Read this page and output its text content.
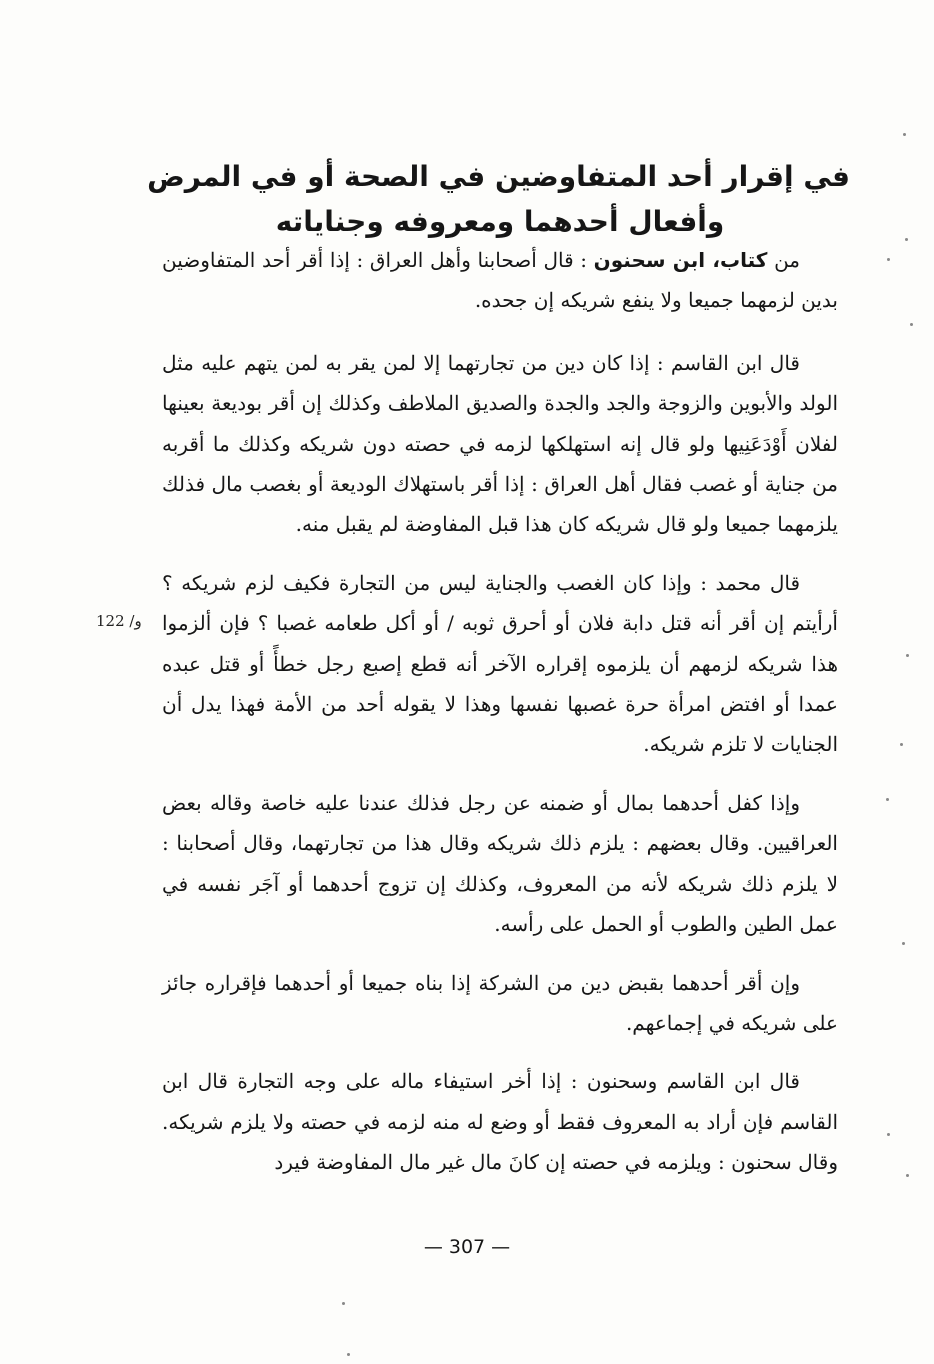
في إقرار أحد المتفاوضين في الصحة أو في المرض
وأفعال أحدهما ومعروفه وجناياته

من كتاب، ابن سحنون : قال أصحابنا وأهل العراق : إذا أقر أحد المتفاوضين بدين لزمهما جميعا ولا ينفع شريكه إن جحده.

قال ابن القاسم : إذا كان دين من تجارتهما إلا لمن يقر به لمن يتهم عليه مثل الولد والأبوين والزوجة والجد والجدة والصديق الملاطف وكذلك إن أقر بوديعة بعينها لفلان أَوْدَعَنِيها ولو قال إنه استهلكها لزمه في حصته دون شريكه وكذلك ما أقربه من جناية أو غصب فقال أهل العراق : إذا أقر باستهلاك الوديعة أو بغصب مال فذلك يلزمهما جميعا ولو قال شريكه كان هذا قبل المفاوضة لم يقبل منه.

قال محمد : وإذا كان الغصب والجناية ليس من التجارة فكيف لزم شريكه ؟ أرأيتم إن أقر أنه قتل دابة فلان أو أحرق ثوبه / أو أكل طعامه غصبا ؟ فإن ألزموا هذا شريكه لزمهم أن يلزموه إقراره الآخر أنه قطع إصبع رجل خطأً أو قتل عبده عمدا أو افتض امرأة حرة غصبها نفسها وهذا لا يقوله أحد من الأمة فهذا يدل أن الجنايات لا تلزم شريكه.

وإذا كفل أحدهما بمال أو ضمنه عن رجل فذلك عندنا عليه خاصة وقاله بعض العراقيين. وقال بعضهم : يلزم ذلك شريكه وقال هذا من تجارتهما، وقال أصحابنا : لا يلزم ذلك شريكه لأنه من المعروف، وكذلك إن تزوج أحدهما أو آجَر نفسه في عمل الطين والطوب أو الحمل على رأسه.

وإن أقر أحدهما بقبض دين من الشركة إذا بناه جميعا أو أحدهما فإقراره جائز على شريكه في إجماعهم.

قال ابن القاسم وسحنون : إذا أخر استيفاء ماله على وجه التجارة قال ابن القاسم فإن أراد به المعروف فقط أو وضع له منه لزمه في حصته ولا يلزم شريكه. وقال سحنون : ويلزمه في حصته إن كانَ مال غير مال المفاوضة فيرد

122 /و
— 307 —
